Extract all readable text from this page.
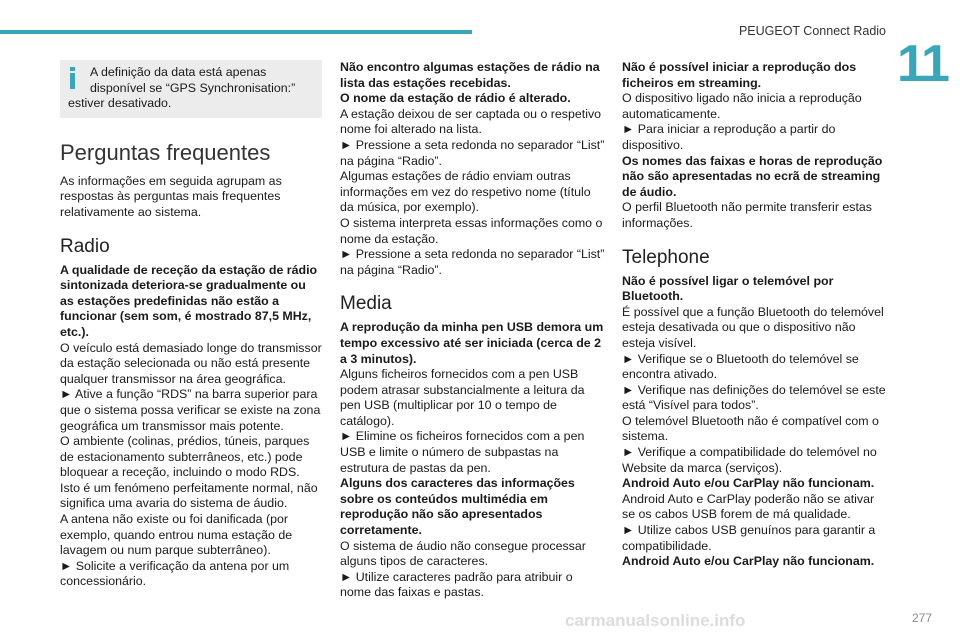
PEUGEOT Connect Radio
11

A definição da data está apenas

disponível se “GPS Synchronisation:”

estiver desativado.

Perguntas frequentes

As informações em seguida agrupam as respostas às perguntas mais frequentes relativamente ao sistema.

Radio

A qualidade de receção da estação de rádio sintonizada deteriora-se gradualmente ou as estações predefinidas não estão a funcionar (sem som, é mostrado 87,5 MHz, etc.).

O veículo está demasiado longe do transmissor da estação selecionada ou não está presente qualquer transmissor na área geográfica.

► Ative a função “RDS” na barra superior para que o sistema possa verificar se existe na zona geográfica um transmissor mais potente.

O ambiente (colinas, prédios, túneis, parques de estacionamento subterrâneos, etc.) pode bloquear a receção, incluindo o modo RDS.

Isto é um fenómeno perfeitamente normal, não significa uma avaria do sistema de áudio.

A antena não existe ou foi danificada (por exemplo, quando entrou numa estação de lavagem ou num parque subterrâneo).

► Solicite a verificação da antena por um concessionário.

Não encontro algumas estações de rádio na lista das estações recebidas.

O nome da estação de rádio é alterado.

A estação deixou de ser captada ou o respetivo nome foi alterado na lista.

► Pressione a seta redonda no separador “List” na página “Radio”.

Algumas estações de rádio enviam outras informações em vez do respetivo nome (título da música, por exemplo).

O sistema interpreta essas informações como o nome da estação.

► Pressione a seta redonda no separador “List” na página “Radio”.

Media

A reprodução da minha pen USB demora um tempo excessivo até ser iniciada (cerca de 2 a 3 minutos).

Alguns ficheiros fornecidos com a pen USB podem atrasar substancialmente a leitura da pen USB (multiplicar por 10 o tempo de catálogo).

► Elimine os ficheiros fornecidos com a pen USB e limite o número de subpastas na estrutura de pastas da pen.

Alguns dos caracteres das informações sobre os conteúdos multimédia em reprodução não são apresentados corretamente.

O sistema de áudio não consegue processar alguns tipos de caracteres.

► Utilize caracteres padrão para atribuir o nome das faixas e pastas.

Não é possível iniciar a reprodução dos ficheiros em streaming.

O dispositivo ligado não inicia a reprodução automaticamente.

► Para iniciar a reprodução a partir do dispositivo.

Os nomes das faixas e horas de reprodução não são apresentadas no ecrã de streaming de áudio.

O perfil Bluetooth não permite transferir estas informações.

Telephone

Não é possível ligar o telemóvel por Bluetooth.

É possível que a função Bluetooth do telemóvel esteja desativada ou que o dispositivo não esteja visível.

► Verifique se o Bluetooth do telemóvel se encontra ativado.

► Verifique nas definições do telemóvel se este está “Visível para todos”.

O telemóvel Bluetooth não é compatível com o sistema.

► Verifique a compatibilidade do telemóvel no Website da marca (serviços).

Android Auto e/ou CarPlay não funcionam.

Android Auto e CarPlay poderão não se ativar se os cabos USB forem de má qualidade.

► Utilize cabos USB genuínos para garantir a compatibilidade.

Android Auto e/ou CarPlay não funcionam.

carmanualsonline.info	277
